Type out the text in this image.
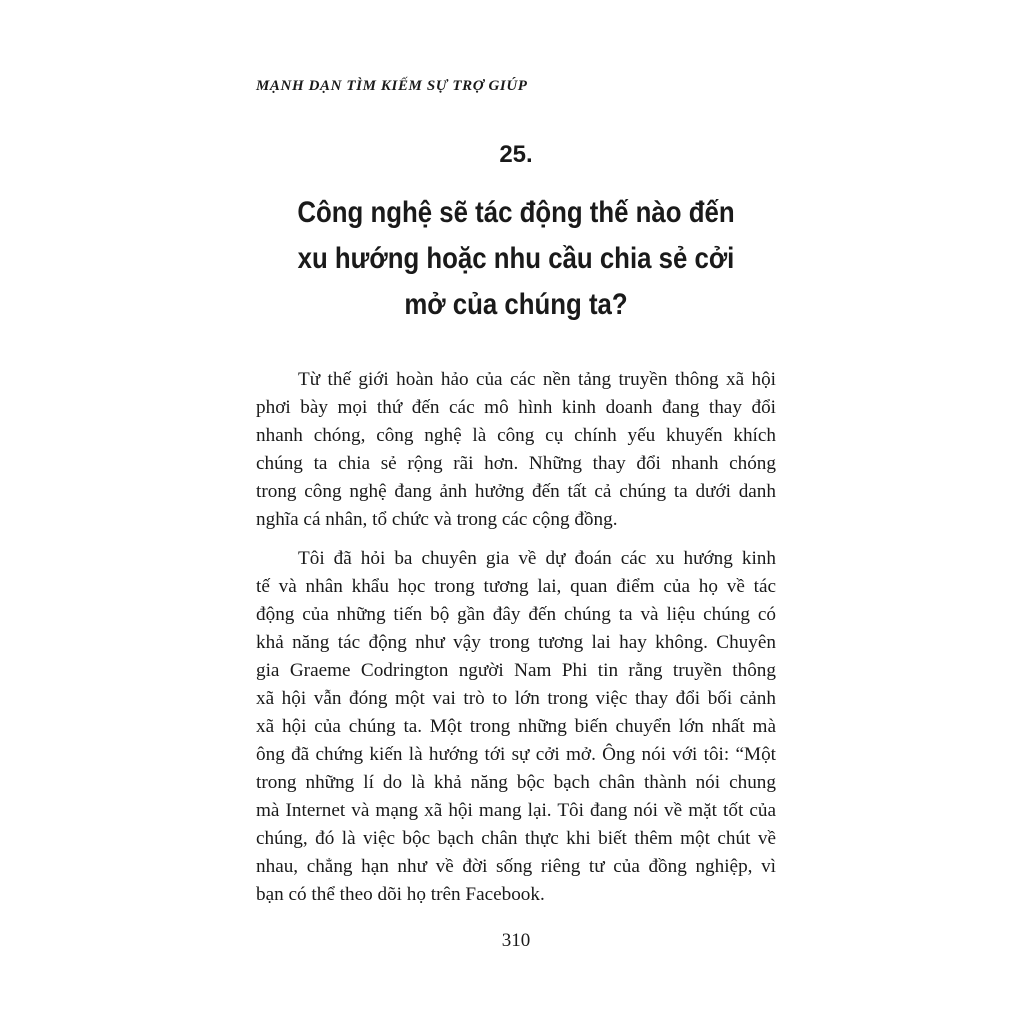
MẠNH DẠN TÌM KIẾM SỰ TRỢ GIÚP
25.
Công nghệ sẽ tác động thế nào đến
xu hướng hoặc nhu cầu chia sẻ cởi
mở của chúng ta?

Từ thế giới hoàn hảo của các nền tảng truyền thông xã hội
phơi bày mọi thứ đến các mô hình kinh doanh đang thay đổi
nhanh chóng, công nghệ là công cụ chính yếu khuyến khích
chúng ta chia sẻ rộng rãi hơn. Những thay đổi nhanh chóng
trong công nghệ đang ảnh hưởng đến tất cả chúng ta dưới danh
nghĩa cá nhân, tổ chức và trong các cộng đồng.

Tôi đã hỏi ba chuyên gia về dự đoán các xu hướng kinh
tế và nhân khẩu học trong tương lai, quan điểm của họ về tác
động của những tiến bộ gần đây đến chúng ta và liệu chúng có
khả năng tác động như vậy trong tương lai hay không. Chuyên
gia Graeme Codrington người Nam Phi tin rằng truyền thông
xã hội vẫn đóng một vai trò to lớn trong việc thay đổi bối cảnh
xã hội của chúng ta. Một trong những biến chuyển lớn nhất mà
ông đã chứng kiến là hướng tới sự cởi mở. Ông nói với tôi: “Một
trong những lí do là khả năng bộc bạch chân thành nói chung
mà Internet và mạng xã hội mang lại. Tôi đang nói về mặt tốt của
chúng, đó là việc bộc bạch chân thực khi biết thêm một chút về
nhau, chẳng hạn như về đời sống riêng tư của đồng nghiệp, vì
bạn có thể theo dõi họ trên Facebook.

310
